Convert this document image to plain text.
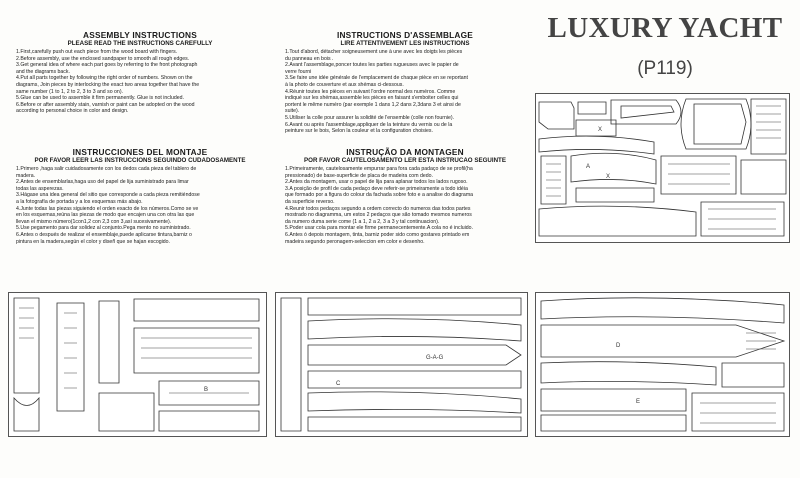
ASSEMBLY INSTRUCTIONS
PLEASE READ THE INSTRUCTIONS CAREFULLY
1.First,carefully push out each piece from the wood board with fingers.
2.Before assembly, use the enclosed sandpaper to smooth all rough edges.
3.Get general idea of where each part goes by referring to the front photograph
and the diagrams back.
4.Put all parts together by following the right order of numbers. Shown on the
diagrams, Join pieces by interlocking the exact two areas together that have the
same number (1 to 1, 2 to 2, 3 to 3 and so on).
5.Glue can be used to assemble it firm permanently. Glue is not included.
6.Before or after assembly stain, varnish or paint can be adopted on the wood
according to personal choice in color and design.
INSTRUCCIONES DEL MONTAJE
POR FAVOR LEER LAS INSTRUCCIONS SEGUINDO CUDADOSAMENTE
1.Primero ,haga salir cuidadosamente con los dedos cada pieza del tablero de
madera.
2.Antes de ensemblarlas,haga uso del papel de lija suministrado para limar
todas las asperezas.
3.Hágase una idea general del sitio que corresponde a cada pieza remitiéndose
a la fotografía de portada y a los esquemas más abajo.
4.Junte todas las piezas siguiendo el orden exacto de los números.Como se ve
en los esquemas,reúna las piezas de modo que encajen una con otra las que
llevan el mismo número(1con1,2 con 2,3 con 3,así sucesivamente).
5.Use pegamento para dar solidez al conjunto.Pega mento no suministrado.
6.Antes o después de realizar el ensemblaje,puede aplicarse tintura,barniz o
pintura en la madera,según el color y diseñ que se hajan escogido.
INSTRUCTIONS D'ASSEMBLAGE
LIRE ATTENTIVEMENT LES INSTRUCTIONS
1.Tout d'abord, détacher soigneusement une à une avec les doigts les pièces
du panneau en bois .
2.Avant l'assemblage,poncer toutes les parties rugueuses avec le papier de
verre fourni
3.Se faire une idée générale de l'emplacement de chaque pièce en se reportant
à la photo de couverture et aux shémas ci-dessous.
4.Réunir toutes les pièces en suivant l'ordre normal des numéros. Comme
indiqué sur les shémas,assemble les pièces en faisant s'emboiter celles qui
portent le même numéro (par exemple 1 dans 1,2 dans 2,3dans 3 et ainsi de
suite).
5.Utiliser la colle pour assurer la solidité de l'ensemble (colle non fournie).
6.Avant ou après l'assemblage,appliquer de la teinture du vernis ou de la
peinture sur le bois, Selon la couleur et la configuration choisies.
INSTRUÇÃO DA MONTAGEN
POR FAVOR CAUTELOSAMENTO LER ESTA INSTRUCAO SEGUINTE
1.Primeiramente, cautelosamente empurrar para fora cada padaço de se profil(ha
pressionado) de base-superficie de placa de madeira com dedo.
2.Antes da montagem, usar o papel de lija para aplanar todos los lados rugoso.
3.A posição de profil de cada pedaço deve referir-se primeiramente a todo idéia
que formado por a figura do colour da fachada sobre foto e a analise do diagrama
da superficie reverso.
4.Reunir todos pedaços segundo a ordem correcto do numeros das todos partes
mostrado no diagramma, um estos 2 pedaços que são tomado mesmos numeros
da numero duma serie come (1 a 1, 2 a 2, 3 a 3 y tal continuacion).
5.Poder usar cola para montar ele firme permanecentemente.A cola no é incluido.
6.Antes ó depois montagem, tinta, barniz poder sido como gostares printado em
madeira segundo peronagem-seleccion em color e desenho.
LUXURY YACHT
(P119)
X
X
A
B
G-A-G
C
D
E
